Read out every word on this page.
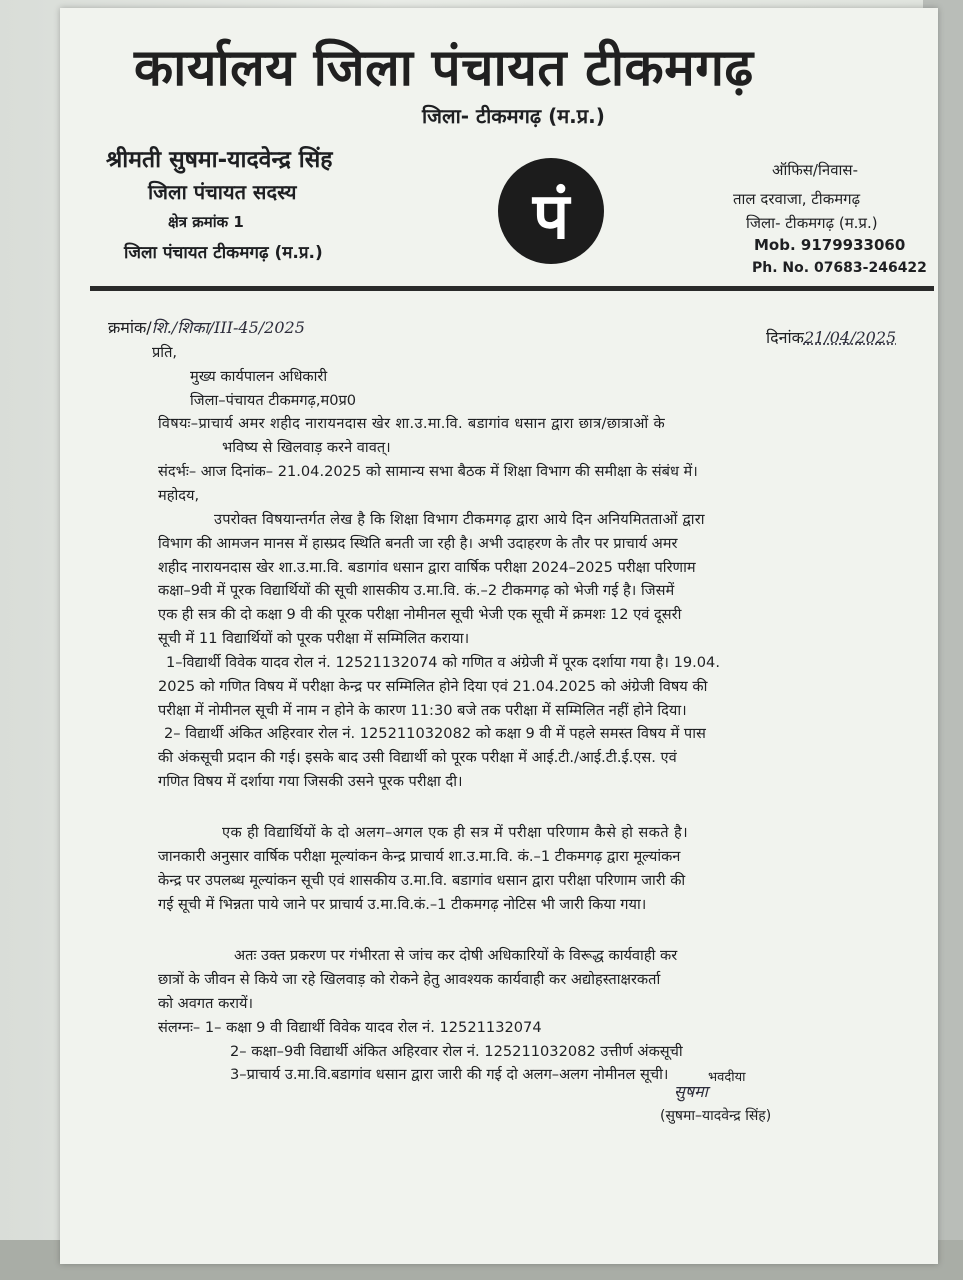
कार्यालय जिला पंचायत टीकमगढ़
जिला- टीकमगढ़ (म.प्र.)
श्रीमती सुषमा-यादवेन्द्र सिंह
जिला पंचायत सदस्य
क्षेत्र क्रमांक 1
जिला पंचायत टीकमगढ़ (म.प्र.)	पं
ऑफिस/निवास-
ताल दरवाजा, टीकमगढ़
जिला- टीकमगढ़ (म.प्र.)
Mob. 9179933060
Ph. No. 07683-246422
क्रमांक/शि./शिका/III-45/2025
दिनांक21/04/2025
प्रति,
मुख्य कार्यपालन अधिकारी
जिला–पंचायत टीकमगढ़,म0प्र0
विषयः–प्राचार्य अमर शहीद नारायनदास खेर शा.उ.मा.वि. बडागांव धसान द्वारा छात्र/छात्राओं के
भविष्य से खिलवाड़ करने वावत्।
संदर्भः– आज दिनांक– 21.04.2025 को सामान्य सभा बैठक में शिक्षा विभाग की समीक्षा के संबंध में।
महोदय,
उपरोक्त विषयान्तर्गत लेख है कि शिक्षा विभाग टीकमगढ़ द्वारा आये दिन अनियमितताओं द्वारा
विभाग की आमजन मानस में हास्प्रद स्थिति बनती जा रही है। अभी उदाहरण के तौर पर प्राचार्य अमर
शहीद नारायनदास खेर शा.उ.मा.वि. बडागांव धसान द्वारा वार्षिक परीक्षा 2024–2025 परीक्षा परिणाम
कक्षा–9वी में पूरक विद्यार्थियों की सूची शासकीय उ.मा.वि. कं.–2 टीकमगढ़ को भेजी गई है। जिसमें
एक ही सत्र की दो कक्षा 9 वी की पूरक परीक्षा नोमीनल सूची भेजी एक सूची में क्रमशः 12 एवं दूसरी
सूची में 11 विद्यार्थियों को पूरक परीक्षा में सम्मिलित कराया।
1–विद्यार्थी विवेक यादव रोल नं. 12521132074 को गणित व अंग्रेजी में पूरक दर्शाया गया है। 19.04.
2025 को गणित विषय में परीक्षा केन्द्र पर सम्मिलित होने दिया एवं 21.04.2025 को अंग्रेजी विषय की
परीक्षा में नोमीनल सूची में नाम न होने के कारण 11:30 बजे तक परीक्षा में सम्मिलित नहीं होने दिया।
2– विद्यार्थी अंकित अहिरवार रोल नं. 125211032082 को कक्षा 9 वी में पहले समस्त विषय में पास
की अंकसूची प्रदान की गई। इसके बाद उसी विद्यार्थी को पूरक परीक्षा में आई.टी./आई.टी.ई.एस. एवं
गणित विषय में दर्शाया गया जिसकी उसने पूरक परीक्षा दी।
एक ही विद्यार्थियों के दो अलग–अगल एक ही सत्र में परीक्षा परिणाम कैसे हो सकते है।
जानकारी अनुसार वार्षिक परीक्षा मूल्यांकन केन्द्र प्राचार्य शा.उ.मा.वि. कं.–1 टीकमगढ़ द्वारा मूल्यांकन
केन्द्र पर उपलब्ध मूल्यांकन सूची एवं शासकीय उ.मा.वि. बडागांव धसान द्वारा परीक्षा परिणाम जारी की
गई सूची में भिन्नता पाये जाने पर प्राचार्य उ.मा.वि.कं.–1 टीकमगढ़ नोटिस भी जारी किया गया।
अतः उक्त प्रकरण पर गंभीरता से जांच कर दोषी अधिकारियों के विरूद्ध कार्यवाही कर
छात्रों के जीवन से किये जा रहे खिलवाड़ को रोकने हेतु आवश्यक कार्यवाही कर अद्योहस्ताक्षरकर्ता
को अवगत करायें।
संलग्नः– 1– कक्षा 9 वी विद्यार्थी विवेक यादव रोल नं. 12521132074
2– कक्षा–9वी विद्यार्थी अंकित अहिरवार रोल नं. 125211032082 उत्तीर्ण अंकसूची
3–प्राचार्य उ.मा.वि.बडागांव धसान द्वारा जारी की गई दो अलग–अलग नोमीनल सूची।	भवदीया
सुषमा
(सुषमा–यादवेन्द्र सिंह)
